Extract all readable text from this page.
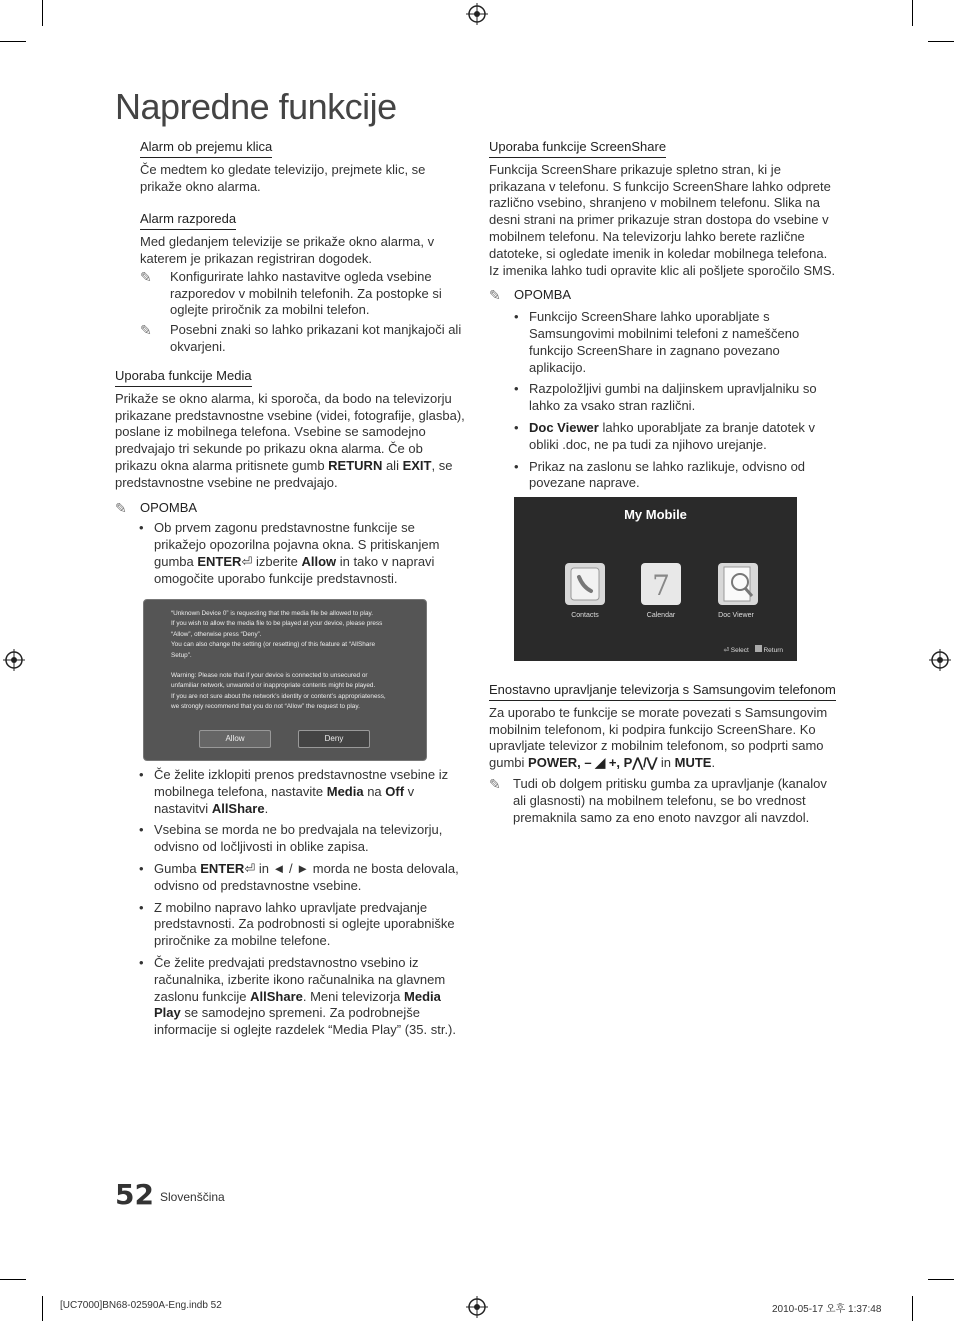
Napredne funkcije
Alarm ob prejemu klica

Če medtem ko gledate televizijo, prejmete klic, se prikaže okno alarma.

Alarm razporeda

Med gledanjem televizije se prikaže okno alarma, v katerem je prikazan registriran dogodek.

✎	Konfigurirate lahko nastavitve ogleda vsebine razporedov v mobilnih telefonih. Za postopke si oglejte priročnik za mobilni telefon.
✎	Posebni znaki so lahko prikazani kot manjkajoči ali okvarjeni.
Uporaba funkcije Media

Prikaže se okno alarma, ki sporoča, da bodo na televizorju prikazane predstavnostne vsebine (videi, fotografije, glasba), poslane iz mobilnega telefona. Vsebine se samodejno predvajajo tri sekunde po prikazu okna alarma. Če ob prikazu okna alarma pritisnete gumb RETURN ali EXIT, se predstavnostne vsebine ne predvajajo.

✎	OPOMBA
• Ob prvem zagonu predstavnostne funkcije se prikažejo opozorilna pojavna okna. S pritiskanjem gumba ENTER⏎ izberite Allow in tako v napravi omogočite uporabo funkcije predstavnosti.
“Unknown Device 0” is requesting that the media file be allowed to play.
If you wish to allow the media file to be played at your device, please press
“Allow”, otherwise press “Deny”.
You can also change the setting (or resetting) of this feature at “AllShare
Setup”.
Warning: Please note that if your device is connected to unsecured or
unfamiliar network, unwanted or inappropriate contents might be played.
If you are not sure about the network’s identity or content’s appropriateness,
we strongly recommend that you do not “Allow” the request to play.
Allow	Deny
• Če želite izklopiti prenos predstavnostne vsebine iz mobilnega telefona, nastavite Media na Off v nastavitvi AllShare.
• Vsebina se morda ne bo predvajala na televizorju, odvisno od ločljivosti in oblike zapisa.
• Gumba ENTER⏎ in ◄ / ► morda ne bosta delovala, odvisno od predstavnostne vsebine.
• Z mobilno napravo lahko upravljate predvajanje predstavnosti. Za podrobnosti si oglejte uporabniške priročnike za mobilne telefone.
• Če želite predvajati predstavnostno vsebino iz računalnika, izberite ikono računalnika na glavnem zaslonu funkcije AllShare. Meni televizorja Media Play se samodejno spremeni. Za podrobnejše informacije si oglejte razdelek “Media Play” (35. str.).
Uporaba funkcije ScreenShare

Funkcija ScreenShare prikazuje spletno stran, ki je prikazana v telefonu. S funkcijo ScreenShare lahko odprete različno vsebino, shranjeno v mobilnem telefonu. Slika na desni strani na primer prikazuje stran dostopa do vsebine v mobilnem telefonu. Na televizorju lahko berete različne datoteke, si ogledate imenik in koledar mobilnega telefona. Iz imenika lahko tudi opravite klic ali pošljete sporočilo SMS.

✎	OPOMBA
• Funkcijo ScreenShare lahko uporabljate s Samsungovimi mobilnimi telefoni z nameščeno funkcijo ScreenShare in zagnano povezano aplikacijo.
• Razpoložljivi gumbi na daljinskem upravljalniku so lahko za vsako stran različni.
• Doc Viewer lahko uporabljate za branje datotek v obliki .doc, ne pa tudi za njihovo urejanje.
• Prikaz na zaslonu se lahko razlikuje, odvisno od povezane naprave.
My Mobile
7
Contacts	Calendar	Doc Viewer
⏎ Select Return
Enostavno upravljanje televizorja s Samsungovim telefonom

Za uporabo te funkcije se morate povezati s Samsungovim mobilnim telefonom, ki podpira funkcijo ScreenShare. Ko upravljate televizor z mobilnim telefonom, so podprti samo gumbi POWER, – ◢ +, P⋀/⋁ in MUTE.

✎ Tudi ob dolgem pritisku gumba za upravljanje (kanalov ali glasnosti) na mobilnem telefonu, se bo vrednost premaknila samo za eno enoto navzgor ali navzdol.
52 Slovenščina
[UC7000]BN68-02590A-Eng.indb 52	2010-05-17 오후 1:37:48
